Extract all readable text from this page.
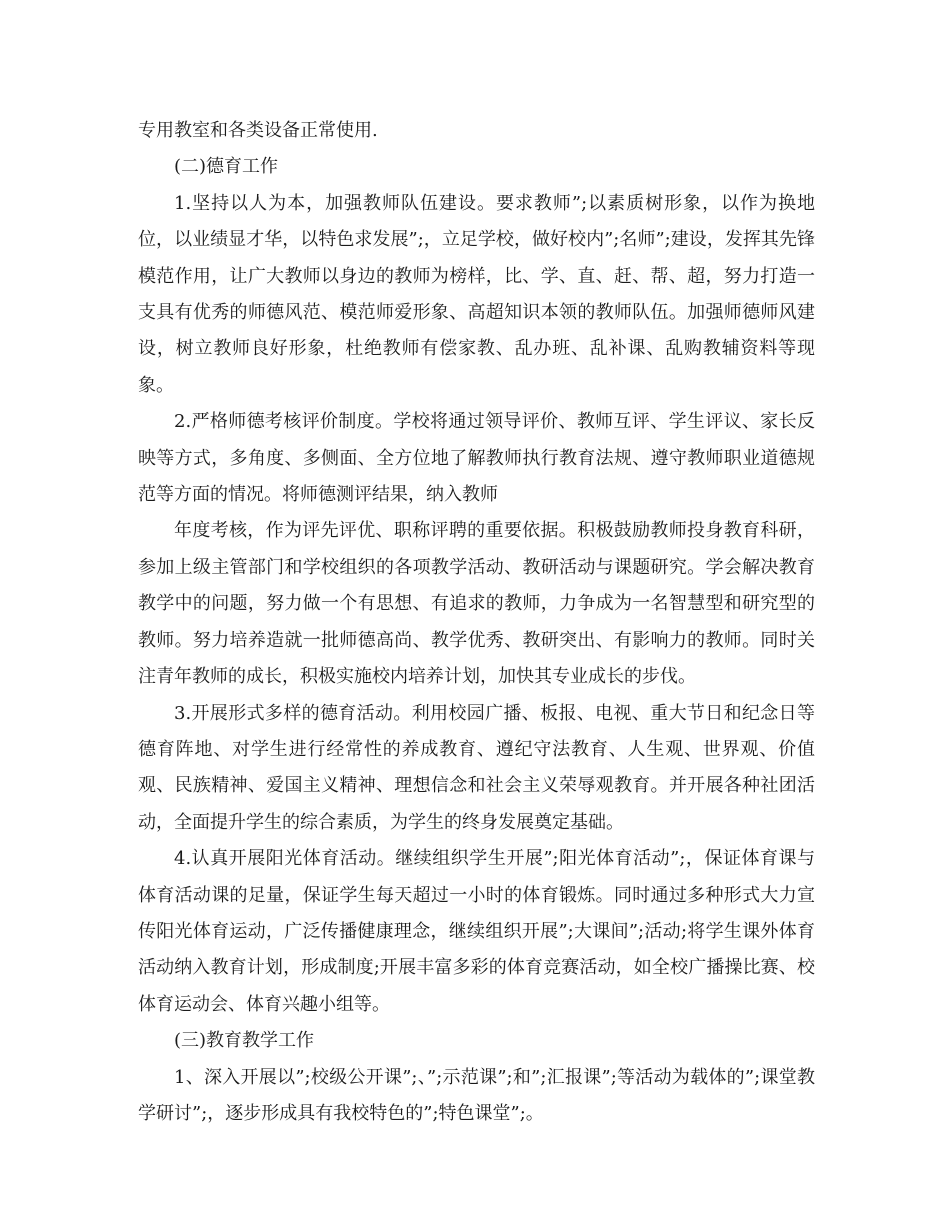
专用教室和各类设备正常使用.

(二)德育工作

1.坚持以人为本，加强教师队伍建设。要求教师”;以素质树形象，以作为换地位，以业绩显才华，以特色求发展”;，立足学校，做好校内”;名师”;建设，发挥其先锋模范作用，让广大教师以身边的教师为榜样，比、学、直、赶、帮、超，努力打造一支具有优秀的师德风范、模范师爱形象、高超知识本领的教师队伍。加强师德师风建设，树立教师良好形象，杜绝教师有偿家教、乱办班、乱补课、乱购教辅资料等现象。

2.严格师德考核评价制度。学校将通过领导评价、教师互评、学生评议、家长反映等方式，多角度、多侧面、全方位地了解教师执行教育法规、遵守教师职业道德规范等方面的情况。将师德测评结果，纳入教师

年度考核，作为评先评优、职称评聘的重要依据。积极鼓励教师投身教育科研，参加上级主管部门和学校组织的各项教学活动、教研活动与课题研究。学会解决教育教学中的问题，努力做一个有思想、有追求的教师，力争成为一名智慧型和研究型的教师。努力培养造就一批师德高尚、教学优秀、教研突出、有影响力的教师。同时关注青年教师的成长，积极实施校内培养计划，加快其专业成长的步伐。

3.开展形式多样的德育活动。利用校园广播、板报、电视、重大节日和纪念日等德育阵地、对学生进行经常性的养成教育、遵纪守法教育、人生观、世界观、价值观、民族精神、爱国主义精神、理想信念和社会主义荣辱观教育。并开展各种社团活动，全面提升学生的综合素质，为学生的终身发展奠定基础。

4.认真开展阳光体育活动。继续组织学生开展”;阳光体育活动”;，保证体育课与体育活动课的足量，保证学生每天超过一小时的体育锻炼。同时通过多种形式大力宣传阳光体育运动，广泛传播健康理念，继续组织开展”;大课间”;活动;将学生课外体育活动纳入教育计划，形成制度;开展丰富多彩的体育竞赛活动，如全校广播操比赛、校体育运动会、体育兴趣小组等。

(三)教育教学工作

1、深入开展以”;校级公开课”;、”;示范课”;和”;汇报课”;等活动为载体的”;课堂教学研讨”;，逐步形成具有我校特色的”;特色课堂”;。
